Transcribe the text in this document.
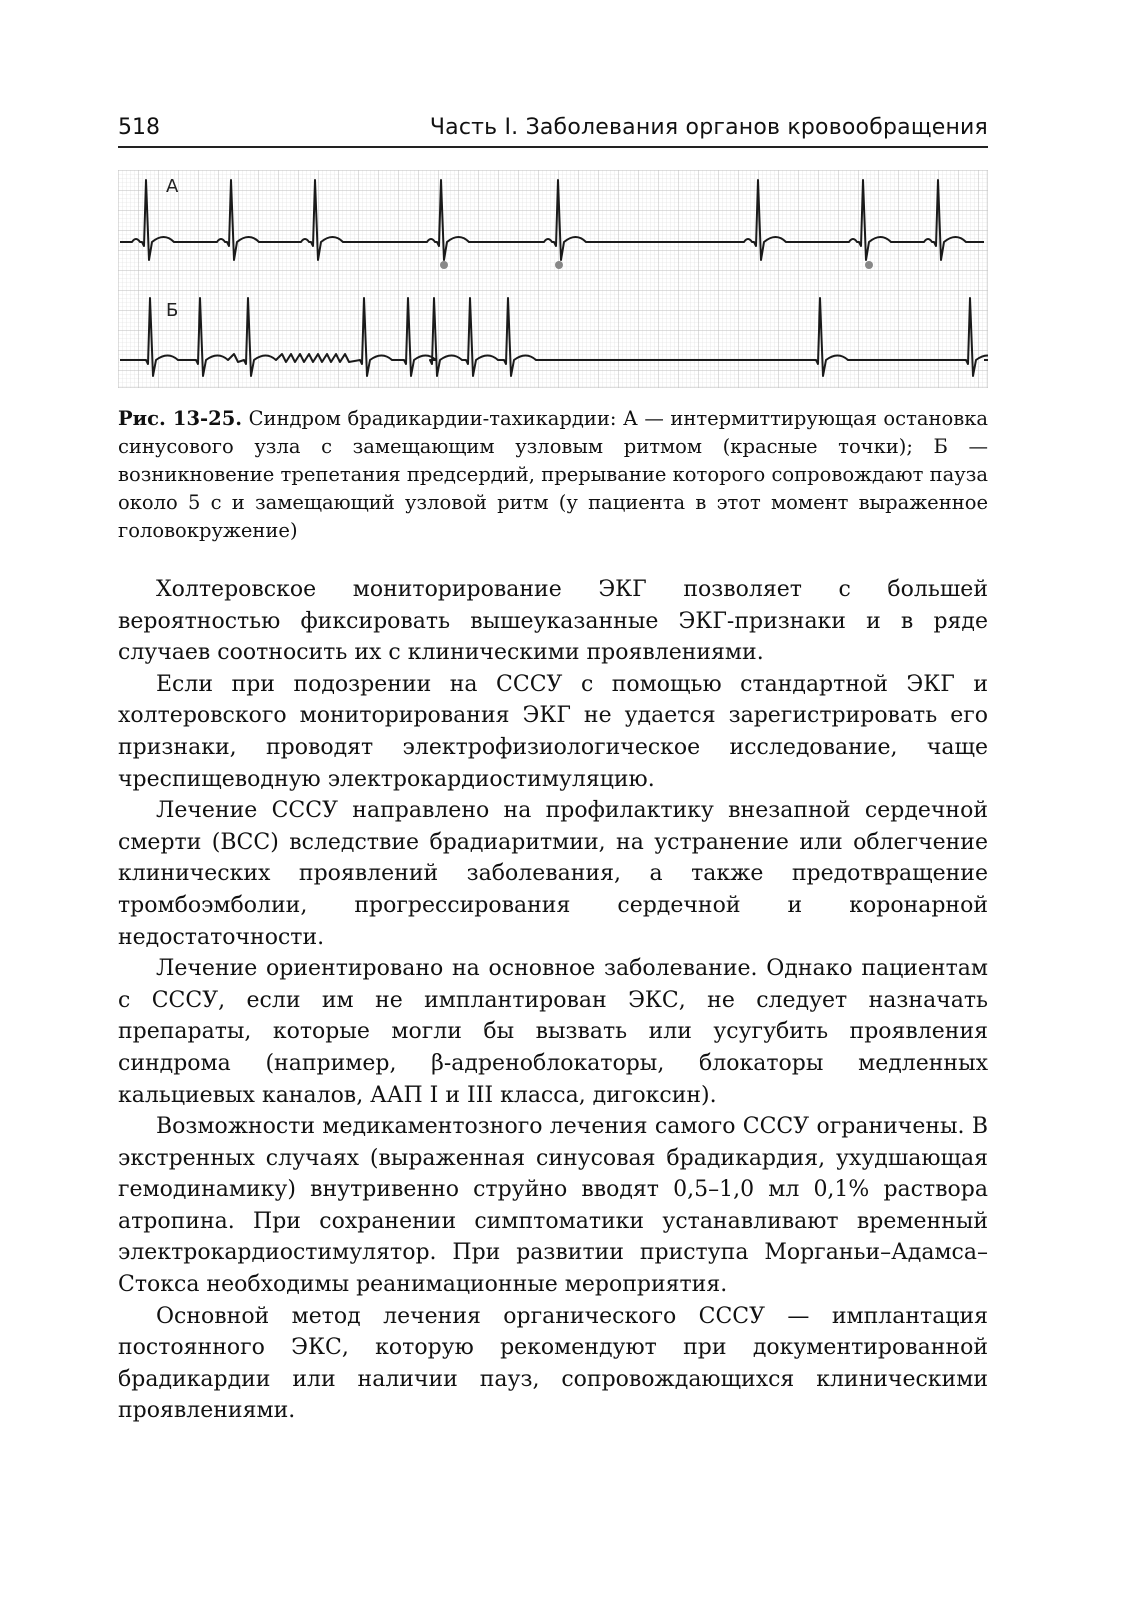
518	Часть I. Заболевания органов кровообращения
А
Б
Рис. 13-25. Синдром брадикардии-тахикардии: А — интермиттирующая остановка синусового узла с замещающим узловым ритмом (красные точки); Б — возникновение трепетания предсердий, прерывание которого сопровождают пауза около 5 с и замещающий узловой ритм (у пациента в этот момент выраженное головокружение)

Холтеровское мониторирование ЭКГ позволяет с большей вероятностью фиксировать вышеуказанные ЭКГ-признаки и в ряде случаев соотносить их с клиническими проявлениями.

Если при подозрении на СССУ с помощью стандартной ЭКГ и холтеровского мониторирования ЭКГ не удается зарегистрировать его признаки, проводят электрофизиологическое исследование, чаще чреспищеводную электрокардиостимуляцию.

Лечение СССУ направлено на профилактику внезапной сердечной смерти (ВСС) вследствие брадиаритмии, на устранение или облегчение клинических проявлений заболевания, а также предотвращение тромбоэмболии, прогрессирования сердечной и коронарной недостаточности.

Лечение ориентировано на основное заболевание. Однако пациентам с СССУ, если им не имплантирован ЭКС, не следует назначать препараты, которые могли бы вызвать или усугубить проявления синдрома (например, β-адреноблокаторы, блокаторы медленных кальциевых каналов, ААП I и III класса, дигоксин).

Возможности медикаментозного лечения самого СССУ ограничены. В экстренных случаях (выраженная синусовая брадикардия, ухудшающая гемодинамику) внутривенно струйно вводят 0,5–1,0 мл 0,1% раствора атропина. При сохранении симптоматики устанавливают временный электрокардиостимулятор. При развитии приступа Морганьи–Адамса–Стокса необходимы реанимационные мероприятия.

Основной метод лечения органического СССУ — имплантация постоянного ЭКС, которую рекомендуют при документированной брадикардии или наличии пауз, сопровождающихся клиническими проявлениями.
